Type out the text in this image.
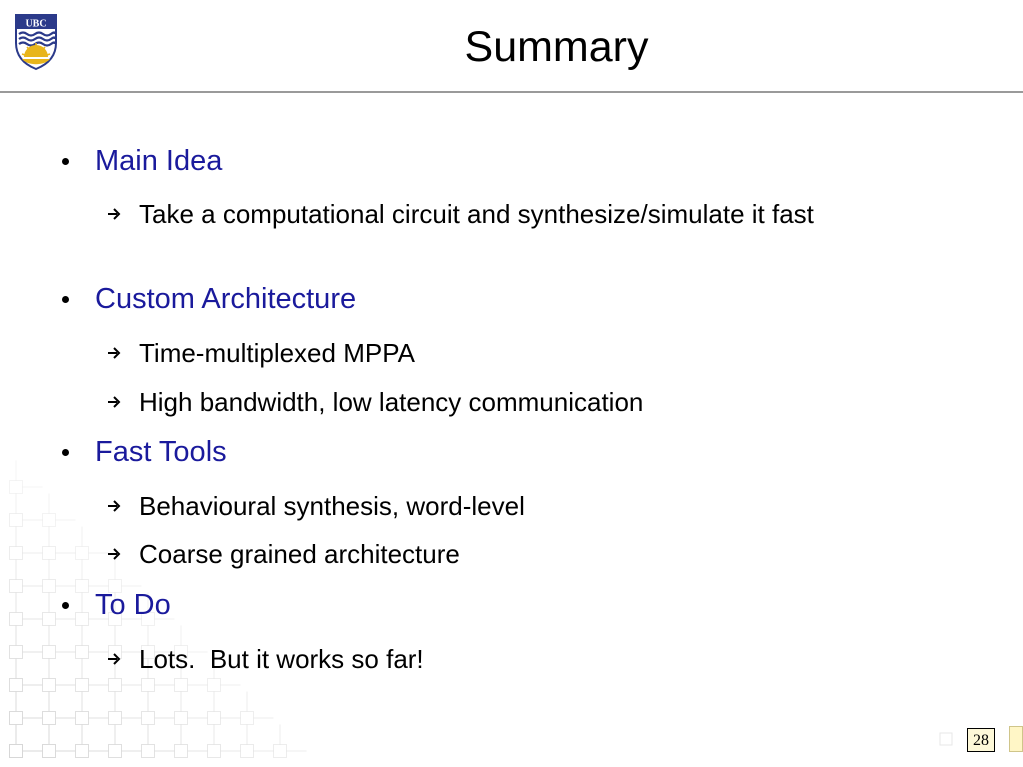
UBC	Summary
Main Idea
Take a computational circuit and synthesize/simulate it fast
Custom Architecture
Time-multiplexed MPPA
High bandwidth, low latency communication
Fast Tools
Behavioural synthesis, word-level
Coarse grained architecture
To Do
Lots.  But it works so far!
28
